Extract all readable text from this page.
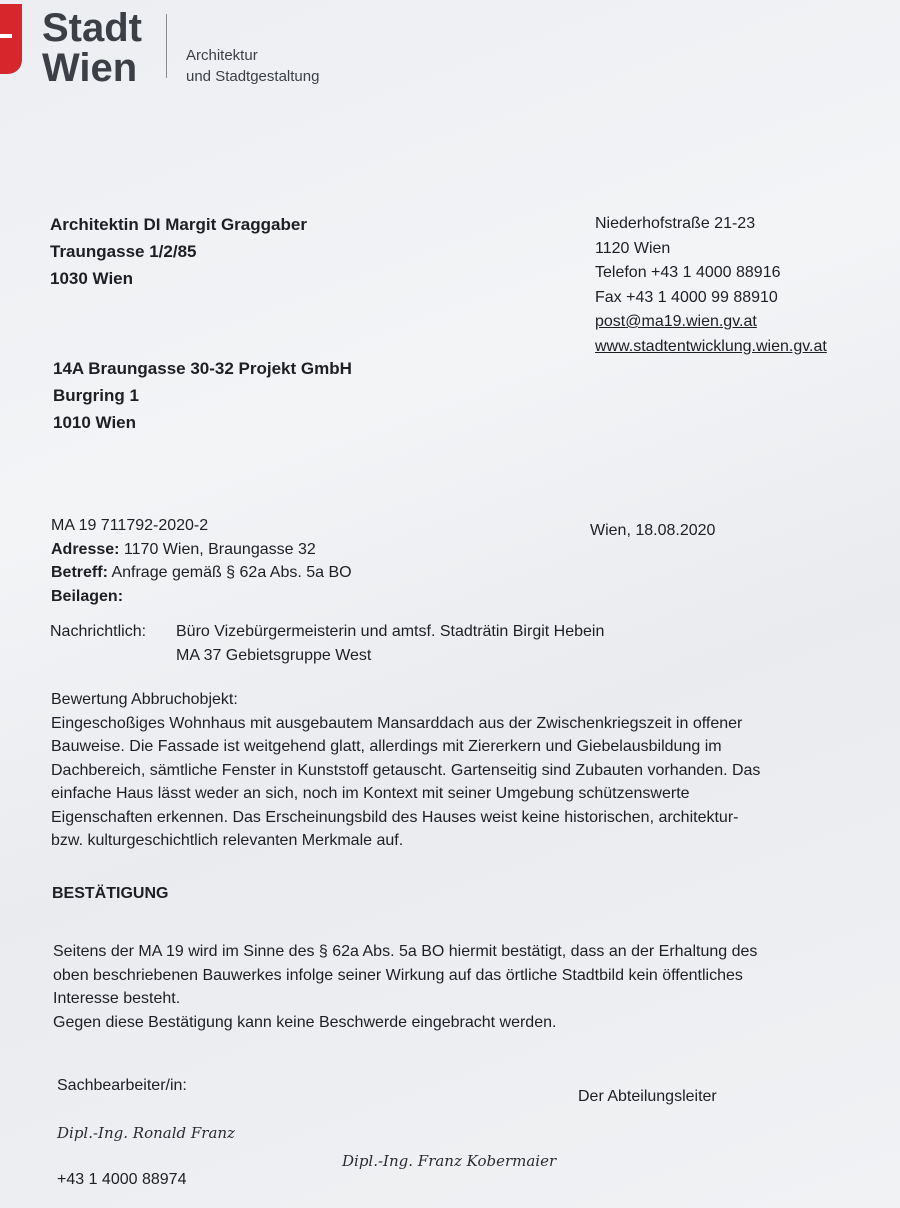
Stadt
Wien	Architektur
und Stadtgestaltung
Architektin DI Margit Graggaber
Traungasse 1/2/85
1030 Wien
Niederhofstraße 21-23
1120 Wien
Telefon +43 1 4000 88916
Fax +43 1 4000 99 88910
post@ma19.wien.gv.at
www.stadtentwicklung.wien.gv.at
14A Braungasse 30-32 Projekt GmbH
Burgring 1
1010 Wien
MA 19 711792-2020-2
Adresse: 1170 Wien, Braungasse 32
Betreff: Anfrage gemäß § 62a Abs. 5a BO
Beilagen:
Wien, 18.08.2020
Nachrichtlich: Büro Vizebürgermeisterin und amtsf. Stadträtin Birgit Hebein
MA 37 Gebietsgruppe West
Bewertung Abbruchobjekt:
Eingeschoßiges Wohnhaus mit ausgebautem Mansarddach aus der Zwischenkriegszeit in offener
Bauweise. Die Fassade ist weitgehend glatt, allerdings mit Ziererkern und Giebelausbildung im
Dachbereich, sämtliche Fenster in Kunststoff getauscht. Gartenseitig sind Zubauten vorhanden. Das
einfache Haus lässt weder an sich, noch im Kontext mit seiner Umgebung schützenswerte
Eigenschaften erkennen. Das Erscheinungsbild des Hauses weist keine historischen, architektur-
bzw. kulturgeschichtlich relevanten Merkmale auf.
BESTÄTIGUNG
Seitens der MA 19 wird im Sinne des § 62a Abs. 5a BO hiermit bestätigt, dass an der Erhaltung des
oben beschriebenen Bauwerkes infolge seiner Wirkung auf das örtliche Stadtbild kein öffentliches
Interesse besteht.
Gegen diese Bestätigung kann keine Beschwerde eingebracht werden.
Sachbearbeiter/in:
Der Abteilungsleiter
Dipl.-Ing. Ronald Franz
Dipl.-Ing. Franz Kobermaier
+43 1 4000 88974
